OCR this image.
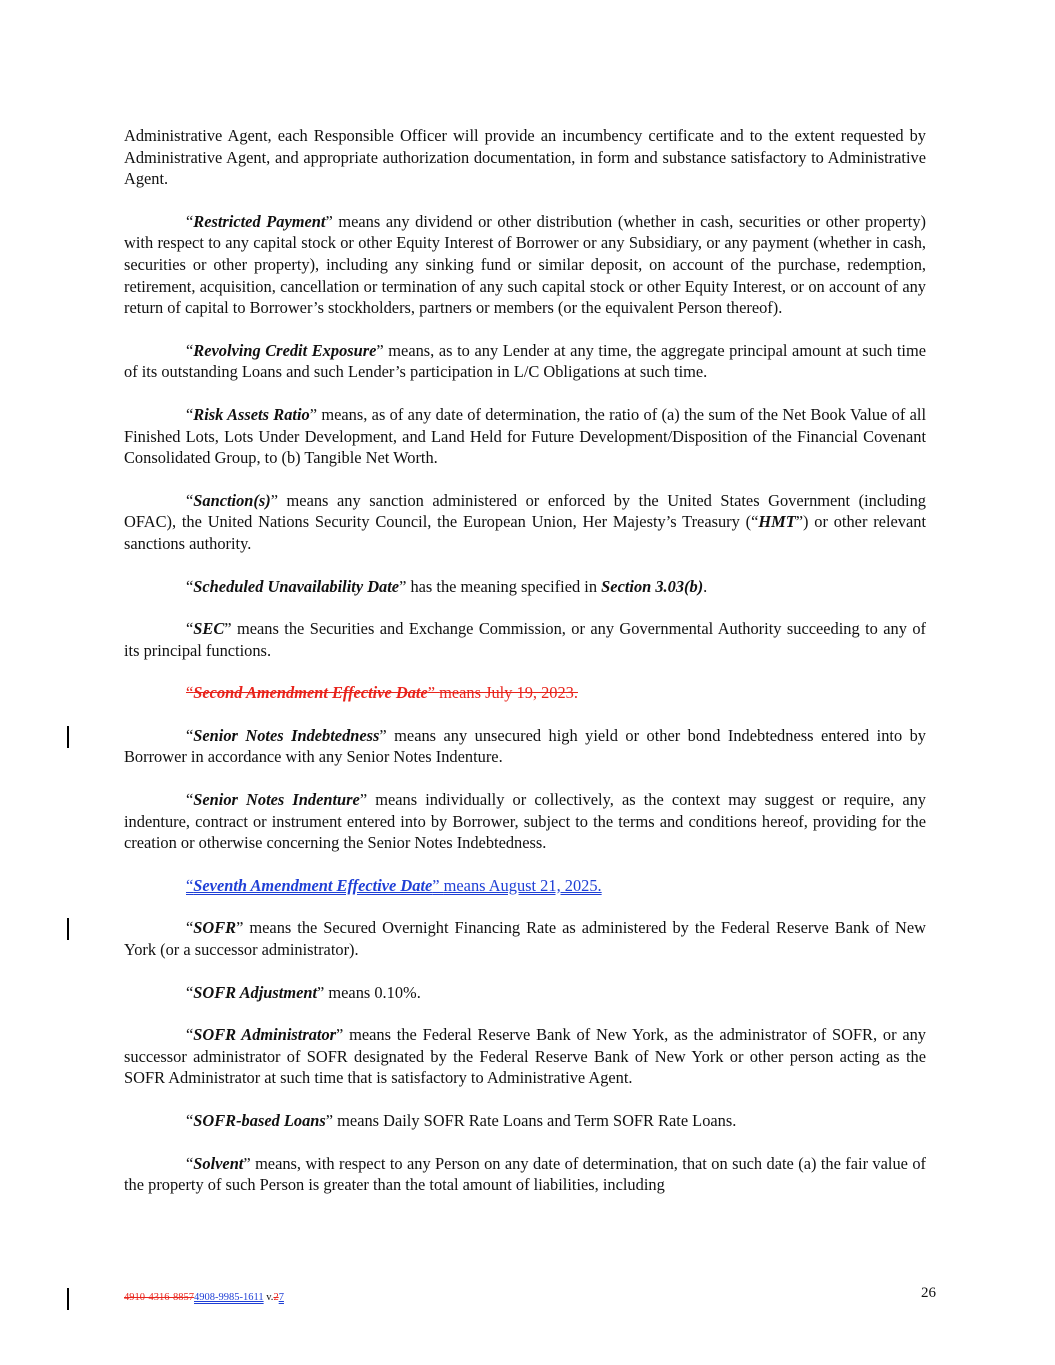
Administrative Agent, each Responsible Officer will provide an incumbency certificate and to the extent requested by Administrative Agent, and appropriate authorization documentation, in form and substance satisfactory to Administrative Agent.

“Restricted Payment” means any dividend or other distribution (whether in cash, securities or other property) with respect to any capital stock or other Equity Interest of Borrower or any Subsidiary, or any payment (whether in cash, securities or other property), including any sinking fund or similar deposit, on account of the purchase, redemption, retirement, acquisition, cancellation or termination of any such capital stock or other Equity Interest, or on account of any return of capital to Borrower’s stockholders, partners or members (or the equivalent Person thereof).

“Revolving Credit Exposure” means, as to any Lender at any time, the aggregate principal amount at such time of its outstanding Loans and such Lender’s participation in L/C Obligations at such time.

“Risk Assets Ratio” means, as of any date of determination, the ratio of (a) the sum of the Net Book Value of all Finished Lots, Lots Under Development, and Land Held for Future Development/Disposition of the Financial Covenant Consolidated Group, to (b) Tangible Net Worth.

“Sanction(s)” means any sanction administered or enforced by the United States Government (including OFAC), the United Nations Security Council, the European Union, Her Majesty’s Treasury (“HMT”) or other relevant sanctions authority.

“Scheduled Unavailability Date” has the meaning specified in Section 3.03(b).

“SEC” means the Securities and Exchange Commission, or any Governmental Authority succeeding to any of its principal functions.

“Second Amendment Effective Date” means July 19, 2023.

“Senior Notes Indebtedness” means any unsecured high yield or other bond Indebtedness entered into by Borrower in accordance with any Senior Notes Indenture.

“Senior Notes Indenture” means individually or collectively, as the context may suggest or require, any indenture, contract or instrument entered into by Borrower, subject to the terms and conditions hereof, providing for the creation or otherwise concerning the Senior Notes Indebtedness.

“Seventh Amendment Effective Date” means August 21, 2025.

“SOFR” means the Secured Overnight Financing Rate as administered by the Federal Reserve Bank of New York (or a successor administrator).

“SOFR Adjustment” means 0.10%.

“SOFR Administrator” means the Federal Reserve Bank of New York, as the administrator of SOFR, or any successor administrator of SOFR designated by the Federal Reserve Bank of New York or other person acting as the SOFR Administrator at such time that is satisfactory to Administrative Agent.

“SOFR-based Loans” means Daily SOFR Rate Loans and Term SOFR Rate Loans.

“Solvent” means, with respect to any Person on any date of determination, that on such date (a) the fair value of the property of such Person is greater than the total amount of liabilities, including

4910-4316-88574908-9985-1611 v.27	26
